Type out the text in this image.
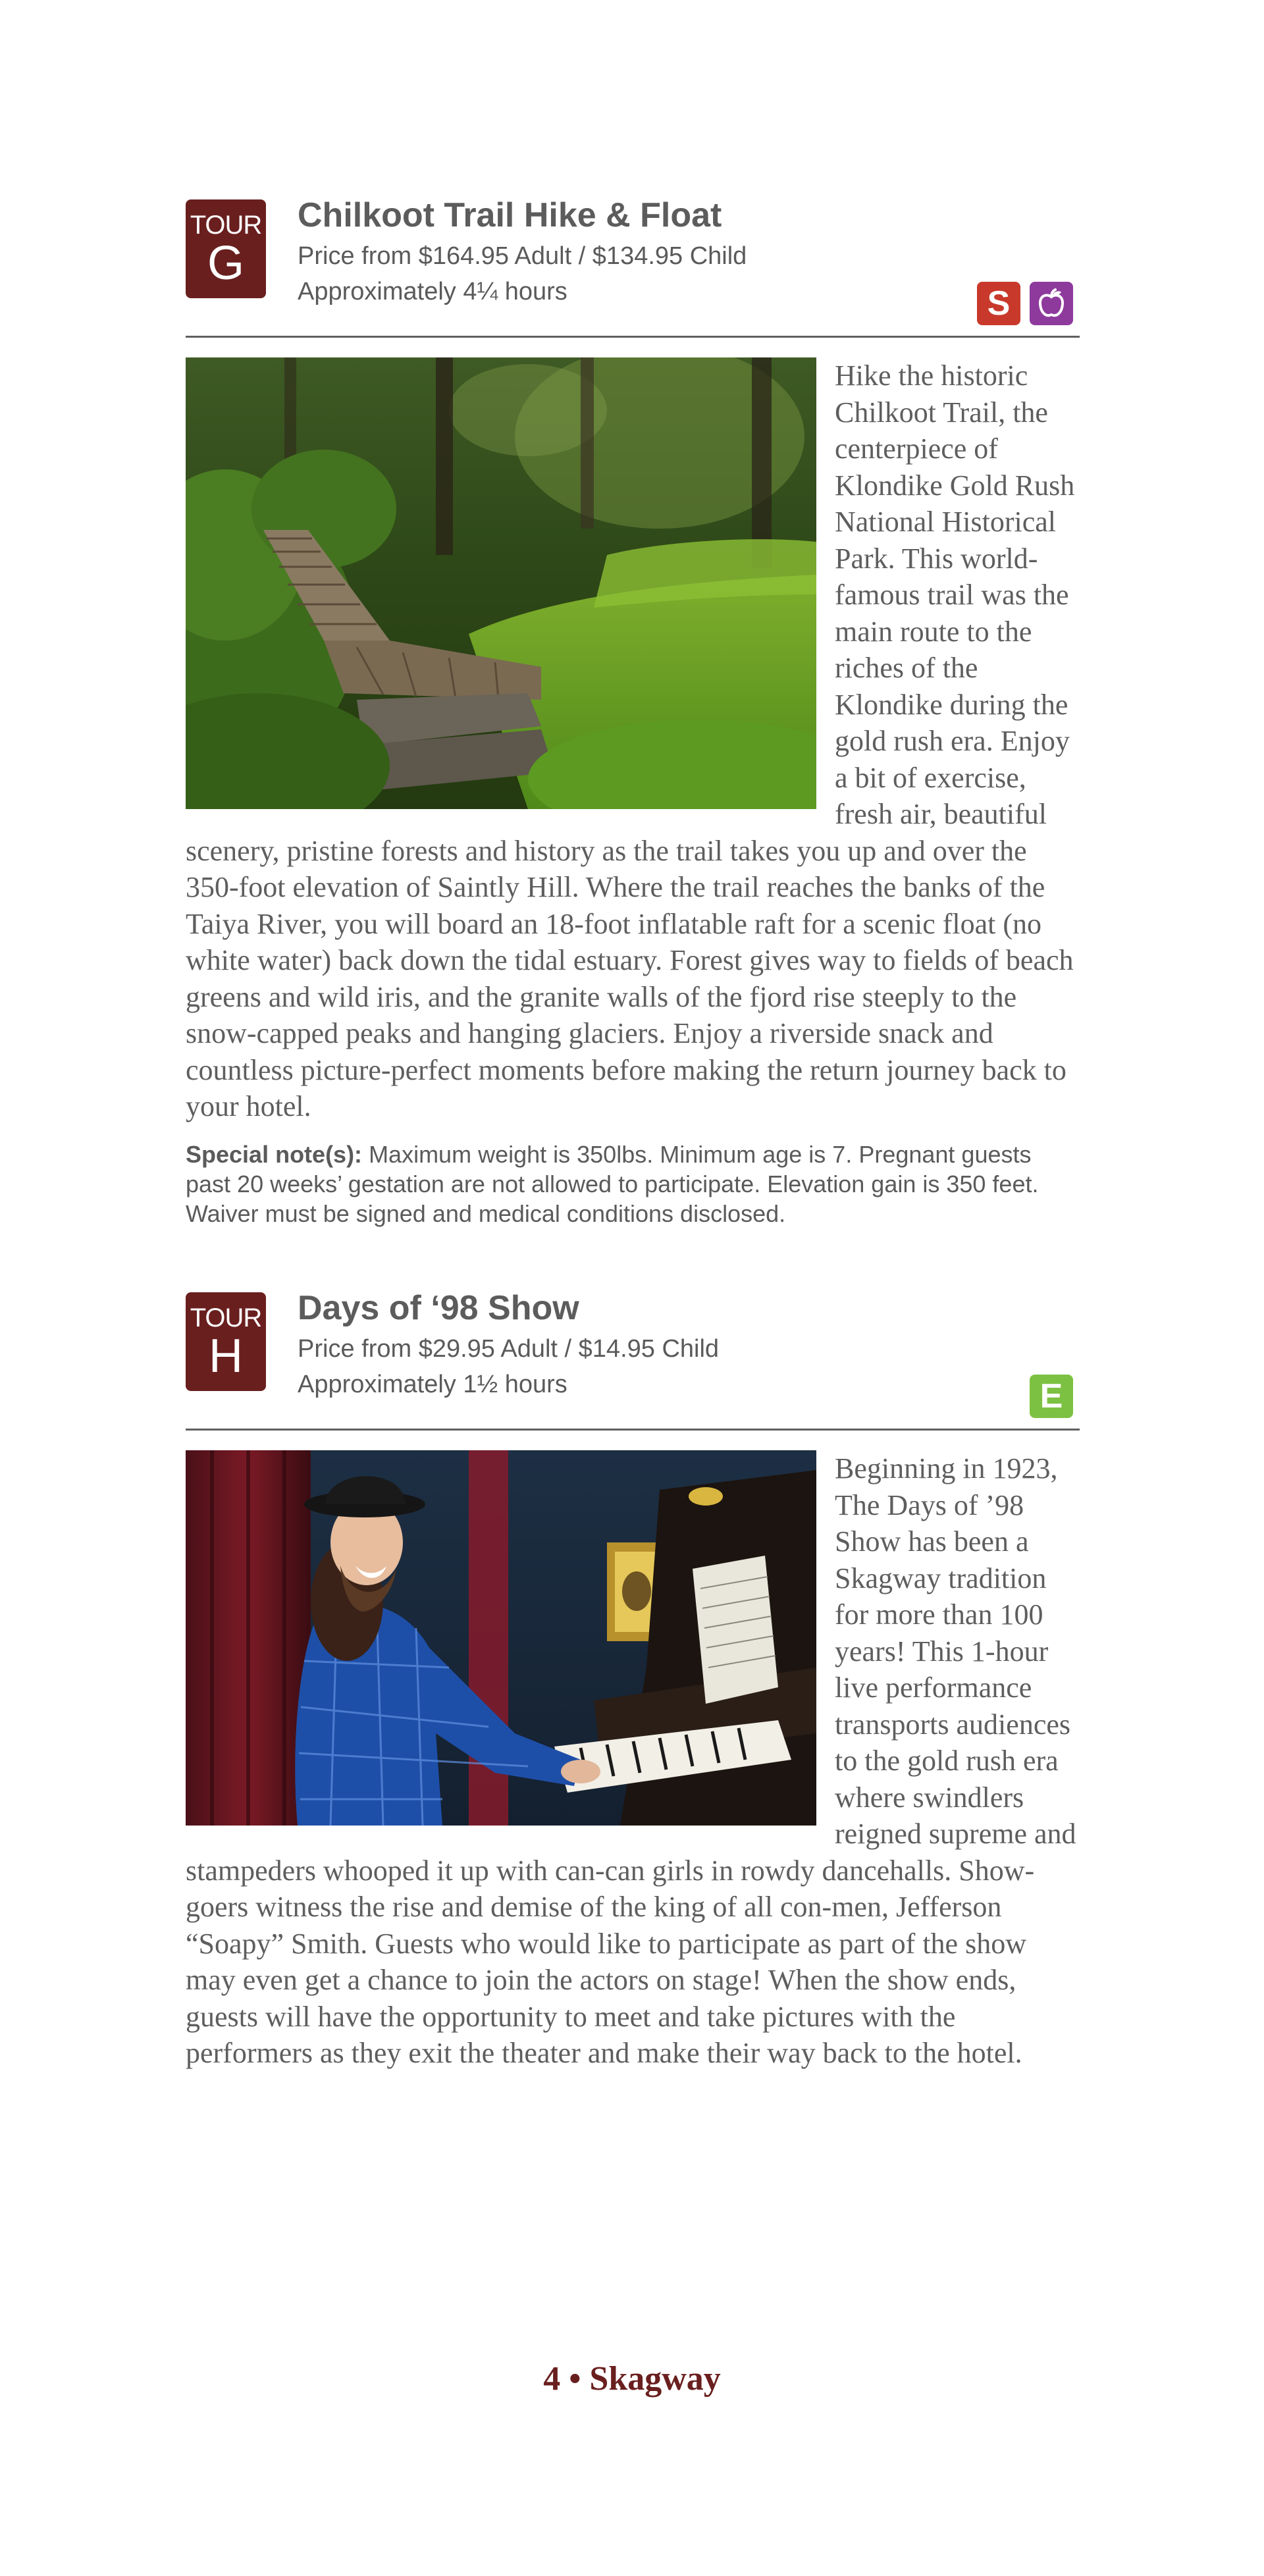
TOUR
G
Chilkoot Trail Hike & Float
Price from $164.95 Adult / $134.95 Child
Approximately 4¼ hours	S

Hike the historic Chilkoot Trail, the centerpiece of Klondike Gold Rush National Historical Park. This world-famous trail was the main route to the riches of the Klondike during the gold rush era. Enjoy a bit of exercise, fresh air, beautiful scenery, pristine forests and history as the trail takes you up and over the 350-foot elevation of Saintly Hill. Where the trail reaches the banks of the Taiya River, you will board an 18-foot inflatable raft for a scenic float (no white water) back down the tidal estuary. Forest gives way to fields of beach greens and wild iris, and the granite walls of the fjord rise steeply to the snow-capped peaks and hanging glaciers. Enjoy a riverside snack and countless picture-perfect moments before making the return journey back to your hotel.

Special note(s): Maximum weight is 350lbs. Minimum age is 7. Pregnant guests past 20 weeks’ gestation are not allowed to participate. Elevation gain is 350 feet. Waiver must be signed and medical conditions disclosed.

TOUR
H
Days of ‘98 Show
Price from $29.95 Adult / $14.95 Child
Approximately 1½ hours	E

Beginning in 1923, The Days of ’98 Show has been a Skagway tradition for more than 100 years! This 1-hour live performance transports audiences to the gold rush era where swindlers reigned supreme and stampeders whooped it up with can-can girls in rowdy dancehalls. Show-goers witness the rise and demise of the king of all con-men, Jefferson “Soapy” Smith. Guests who would like to participate as part of the show may even get a chance to join the actors on stage! When the show ends, guests will have the opportunity to meet and take pictures with the performers as they exit the theater and make their way back to the hotel.

4 • Skagway
